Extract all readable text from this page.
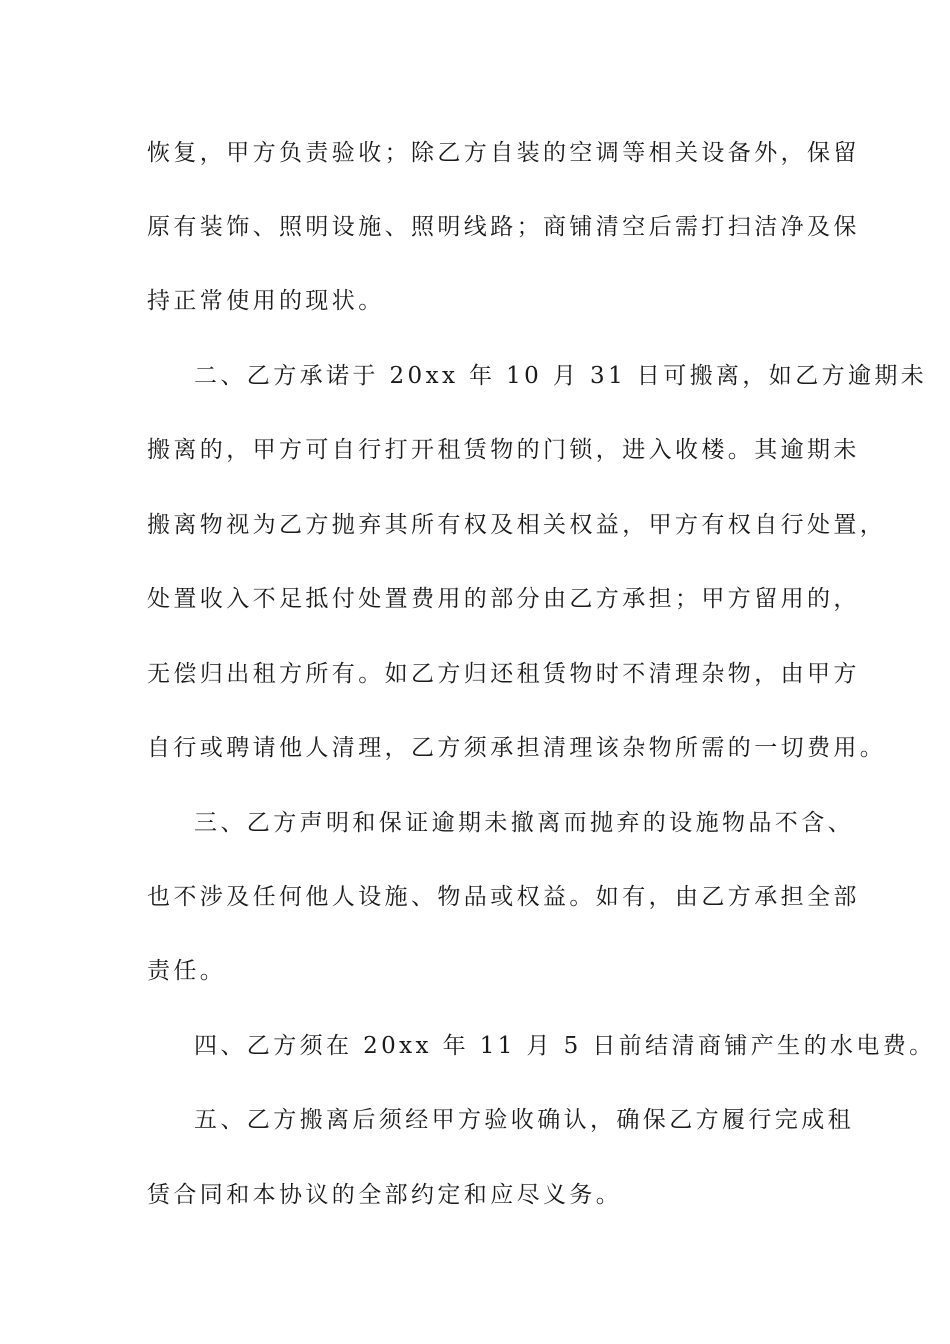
恢复，甲方负责验收；除乙方自装的空调等相关设备外，保留
原有装饰、照明设施、照明线路；商铺清空后需打扫洁净及保
持正常使用的现状。
二、乙方承诺于 20xx 年 10 月 31 日可搬离，如乙方逾期未
搬离的，甲方可自行打开租赁物的门锁，进入收楼。其逾期未
搬离物视为乙方抛弃其所有权及相关权益，甲方有权自行处置，
处置收入不足抵付处置费用的部分由乙方承担；甲方留用的，
无偿归出租方所有。如乙方归还租赁物时不清理杂物，由甲方
自行或聘请他人清理，乙方须承担清理该杂物所需的一切费用。
三、乙方声明和保证逾期未撤离而抛弃的设施物品不含、
也不涉及任何他人设施、物品或权益。如有，由乙方承担全部
责任。
四、乙方须在 20xx 年 11 月 5 日前结清商铺产生的水电费。
五、乙方搬离后须经甲方验收确认，确保乙方履行完成租
赁合同和本协议的全部约定和应尽义务。
